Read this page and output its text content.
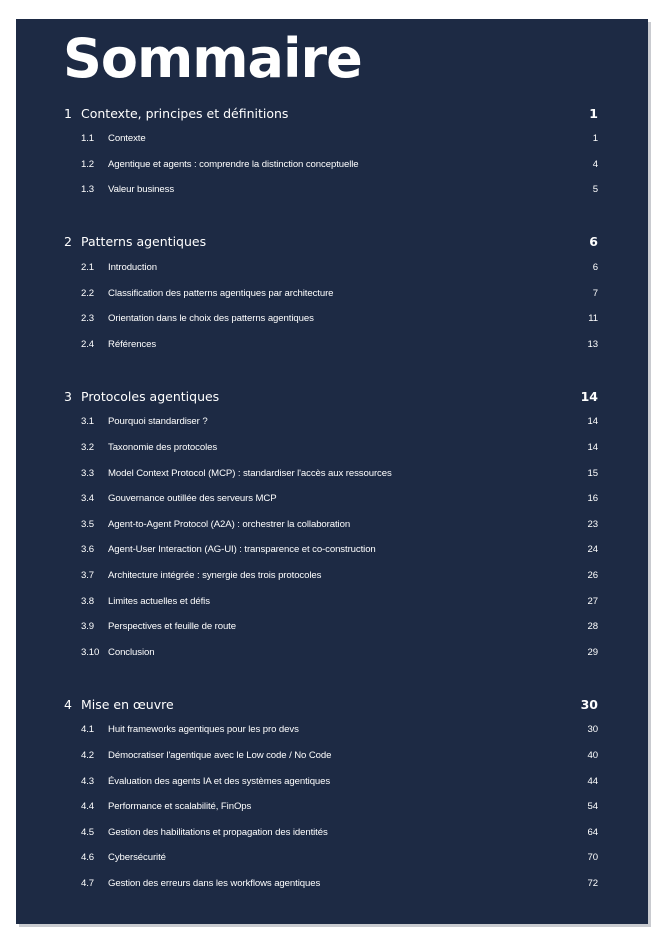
Sommaire
1 Contexte, principes et définitions	1
1.1	Contexte	1
1.2	Agentique et agents : comprendre la distinction conceptuelle	4
1.3	Valeur business	5
2 Patterns agentiques	6
2.1	Introduction	6
2.2	Classification des patterns agentiques par architecture	7
2.3	Orientation dans le choix des patterns agentiques	11
2.4	Références	13
3 Protocoles agentiques	14
3.1	Pourquoi standardiser ?	14
3.2	Taxonomie des protocoles	14
3.3	Model Context Protocol (MCP) : standardiser l'accès aux ressources	15
3.4	Gouvernance outillée des serveurs MCP	16
3.5	Agent-to-Agent Protocol (A2A) : orchestrer la collaboration	23
3.6	Agent-User Interaction (AG-UI) : transparence et co-construction	24
3.7	Architecture intégrée : synergie des trois protocoles	26
3.8	Limites actuelles et défis	27
3.9	Perspectives et feuille de route	28
3.10 Conclusion	29
4 Mise en œuvre	30
4.1	Huit frameworks agentiques pour les pro devs	30
4.2	Démocratiser l'agentique avec le Low code / No Code	40
4.3	Évaluation des agents IA et des systèmes agentiques	44
4.4	Performance et scalabilité, FinOps	54
4.5	Gestion des habilitations et propagation des identités	64
4.6	Cybersécurité	70
4.7	Gestion des erreurs dans les workflows agentiques	72
